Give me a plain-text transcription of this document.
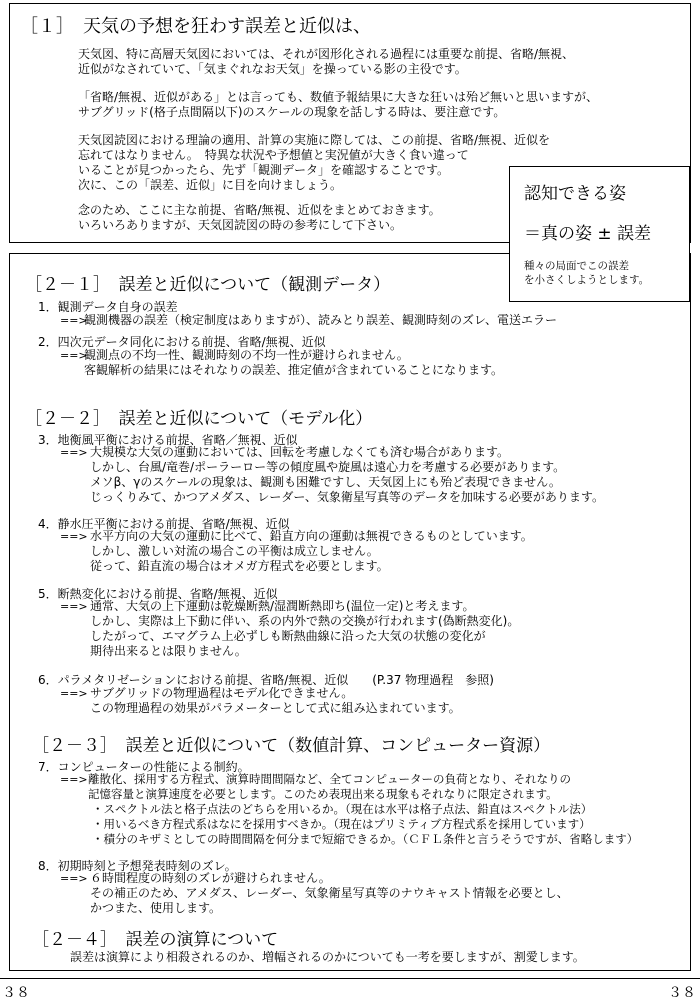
［１］　天気の予想を狂わす誤差と近似は、
天気図、特に高層天気図においては、それが図形化される過程には重要な前提、省略/無視、
近似がなされていて、「気まぐれなお天気」を操っている影の主役です。
「省略/無視、近似がある」とは言っても、数値予報結果に大きな狂いは殆ど無いと思いますが、
サブグリッド(格子点間隔以下)のスケールの現象を話しする時は、要注意です。
天気図読図における理論の適用、計算の実施に際しては、この前提、省略/無視、近似を
忘れてはなりません。　特異な状況や予想値と実況値が大きく食い違って
いることが見つかったら、先ず「観測データ」を確認することです。
次に、この「誤差、近似」に目を向けましょう。
念のため、ここに主な前提、省略/無視、近似をまとめておきます。
いろいろありますが、天気図読図の時の参考にして下さい。
認知できる姿
＝真の姿 ± 誤差
種々の局面でこの誤差
を小さくしようとします。
［２－１］　誤差と近似について（観測データ）
1．観測データ自身の誤差
==>
観測機器の誤差（検定制度はありますが）、読みとり誤差、観測時刻のズレ、電送エラー
2．四次元データ同化における前提、省略/無視、近似
==>
観測点の不均一性、観測時刻の不均一性が避けられません。
客観解析の結果にはそれなりの誤差、推定値が含まれていることになります。
［２－２］　誤差と近似について（モデル化）
3．地衡風平衡における前提、省略／無視、近似
==> 大規模な大気の運動においては、回転を考慮しなくても済む場合があります。
しかし、台風/竜巻/ポーラーロー等の傾度風や旋風は遠心力を考慮する必要があります。
メソβ、γのスケールの現象は、観測も困難ですし、天気図上にも殆ど表現できません。
じっくりみて、かつアメダス、レーダー、気象衛星写真等のデータを加味する必要があります。
4．静水圧平衡における前提、省略/無視、近似
==> 水平方向の大気の運動に比べて、鉛直方向の運動は無視できるものとしています。
しかし、激しい対流の場合この平衡は成立しません。
従って、鉛直流の場合はオメガ方程式を必要とします。
5．断熱変化における前提、省略/無視、近似
==> 通常、大気の上下運動は乾燥断熱/湿潤断熱即ち(温位一定)と考えます。
しかし、実際は上下動に伴い、系の内外で熱の交換が行われます(偽断熱変化)。
したがって、エマグラム上必ずしも断熱曲線に沿った大気の状態の変化が
期待出来るとは限りません。
6．パラメタリゼーションにおける前提、省略/無視、近似　　(P.37 物理過程　参照)
==> サブグリッドの物理過程はモデル化できません。
この物理過程の効果がパラメーターとして式に組み込まれています。
［２－３］　誤差と近似について（数値計算、コンピューター資源）
7．コンピューターの性能による制約。
==> 離散化、採用する方程式、演算時間間隔など、全てコンピューターの負荷となり、それなりの
記憶容量と演算速度を必要とします。このため表現出来る現象もそれなりに限定されます。
・スペクトル法と格子点法のどちらを用いるか。（現在は水平は格子点法、鉛直はスペクトル法）
・用いるべき方程式系はなにを採用すべきか。（現在はプリミティブ方程式系を採用しています）
・積分のキザミとしての時間間隔を何分まで短縮できるか。（ＣＦＬ条件と言うそうですが、省略します）
8．初期時刻と予想発表時刻のズレ。
==> ６時間程度の時刻のズレが避けられません。
その補正のため、アメダス、レーダー、気象衛星写真等のナウキャスト情報を必要とし、
かつまた、使用します。
［２－４］　誤差の演算について
誤差は演算により相殺されるのか、増幅されるのかについても一考を要しますが、割愛します。
３８	３８
